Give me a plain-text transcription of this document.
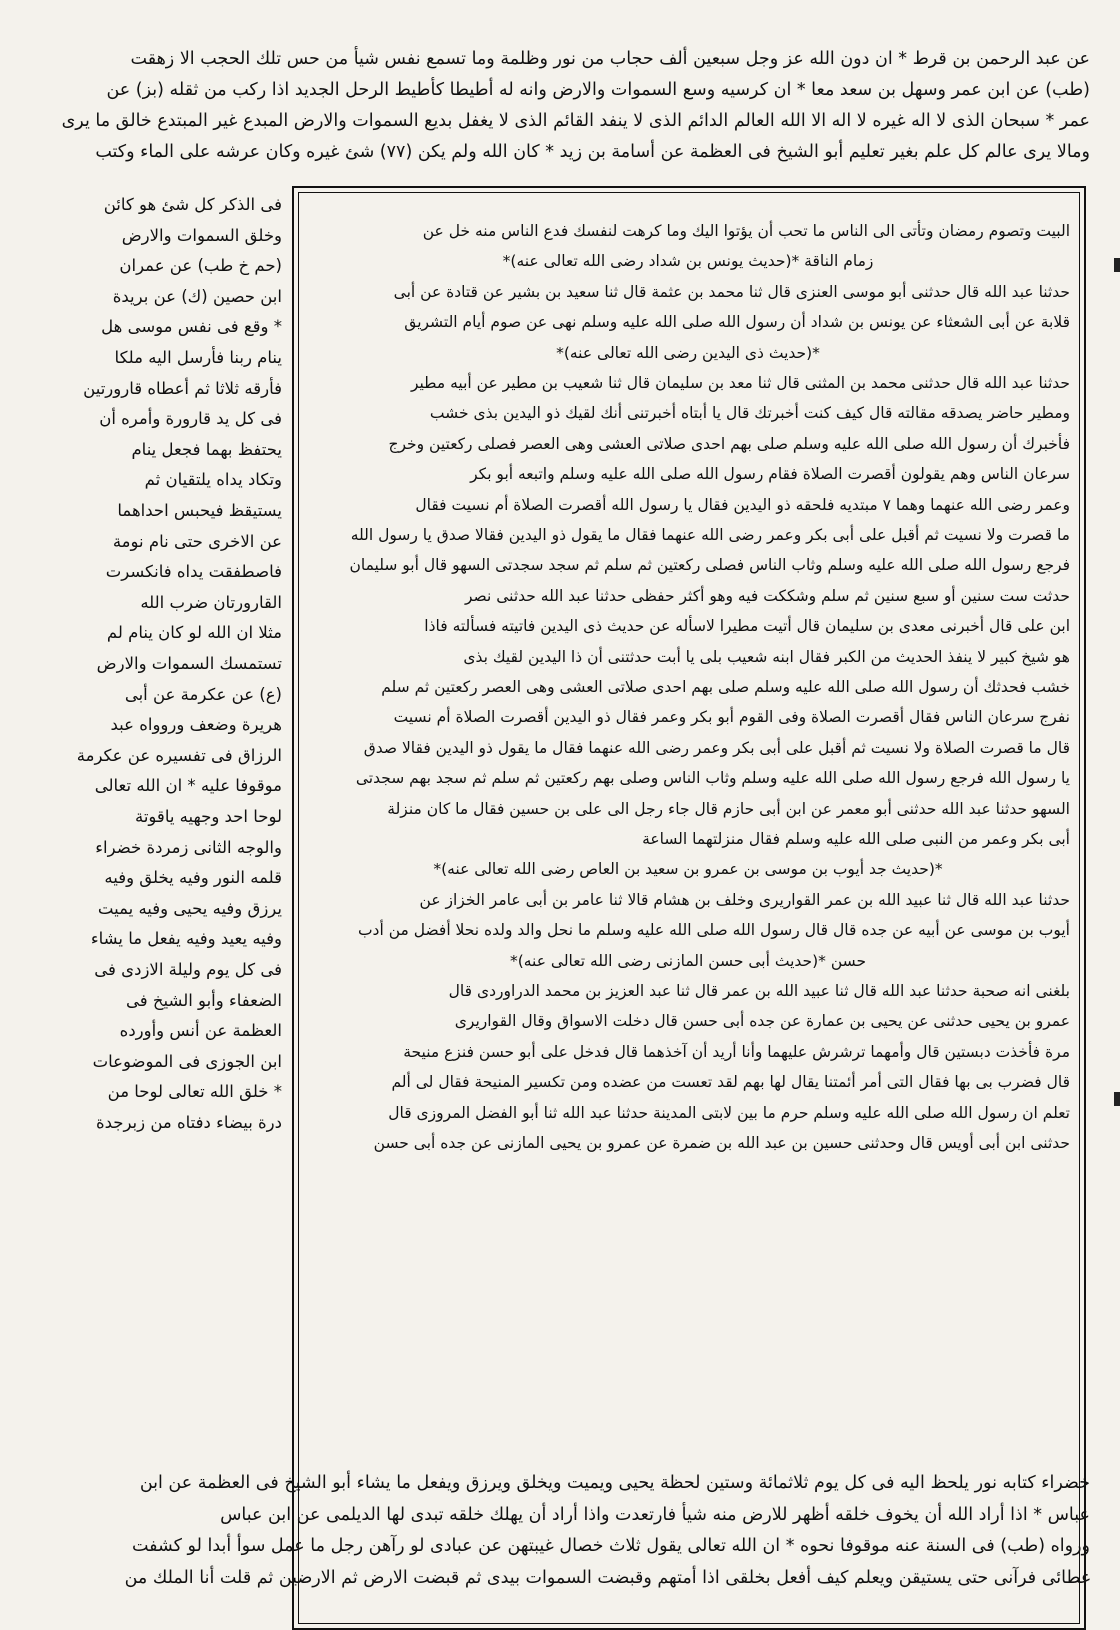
عن عبد الرحمن بن قرط * ان دون الله عز وجل سبعين ألف حجاب من نور وظلمة وما تسمع نفس شيأ من حس تلك الحجب الا زهقت
(طب) عن ابن عمر وسهل بن سعد معا * ان كرسيه وسع السموات والارض وانه له أطيطا كأطيط الرحل الجديد اذا ركب من ثقله (بز) عن
عمر * سبحان الذى لا اله غيره لا اله الا الله العالم الدائم الذى لا ينفد القائم الذى لا يغفل بديع السموات والارض المبدع غير المبتدع خالق ما يرى
ومالا يرى عالم كل علم بغير تعليم أبو الشيخ فى العظمة عن أسامة بن زيد * كان الله ولم يكن (٧٧) شئ غيره وكان عرشه على الماء وكتب
البيت وتصوم رمضان وتأتى الى الناس ما تحب أن يؤتوا اليك وما كرهت لنفسك فدع الناس منه خل عن
زمام الناقة *(حديث يونس بن شداد رضى الله تعالى عنه)*
حدثنا عبد الله قال حدثنى أبو موسى العنزى قال ثنا محمد بن عثمة قال ثنا سعيد بن بشير عن قتادة عن أبى
قلابة عن أبى الشعثاء عن يونس بن شداد أن رسول الله صلى الله عليه وسلم نهى عن صوم أيام التشريق
*(حديث ذى اليدين رضى الله تعالى عنه)*
حدثنا عبد الله قال حدثنى محمد بن المثنى قال ثنا معد بن سليمان قال ثنا شعيب بن مطير عن أبيه مطير
ومطير حاضر يصدقه مقالته قال كيف كنت أخبرتك قال يا أبتاه أخبرتنى أنك لقيك ذو اليدين بذى خشب
فأخبرك أن رسول الله صلى الله عليه وسلم صلى بهم احدى صلاتى العشى وهى العصر فصلى ركعتين وخرج
سرعان الناس وهم يقولون أقصرت الصلاة فقام رسول الله صلى الله عليه وسلم واتبعه أبو بكر
وعمر رضى الله عنهما وهما ٧ مبتديه فلحقه ذو اليدين فقال يا رسول الله أقصرت الصلاة أم نسيت فقال
ما قصرت ولا نسيت ثم أقبل على أبى بكر وعمر رضى الله عنهما فقال ما يقول ذو اليدين فقالا صدق يا رسول الله
فرجع رسول الله صلى الله عليه وسلم وثاب الناس فصلى ركعتين ثم سلم ثم سجد سجدتى السهو قال أبو سليمان
حدثت ست سنين أو سبع سنين ثم سلم وشككت فيه وهو أكثر حفظى حدثنا عبد الله حدثنى نصر
ابن على قال أخبرنى معدى بن سليمان قال أتيت مطيرا لاسأله عن حديث ذى اليدين فاتيته فسألته فاذا
هو شيخ كبير لا ينفذ الحديث من الكبر فقال ابنه شعيب بلى يا أبت حدثتنى أن ذا اليدين لقيك بذى
خشب فحدثك أن رسول الله صلى الله عليه وسلم صلى بهم احدى صلاتى العشى وهى العصر ركعتين ثم سلم
نفرج سرعان الناس فقال أقصرت الصلاة وفى القوم أبو بكر وعمر فقال ذو اليدين أقصرت الصلاة أم نسيت
قال ما قصرت الصلاة ولا نسيت ثم أقبل على أبى بكر وعمر رضى الله عنهما فقال ما يقول ذو اليدين فقالا صدق
يا رسول الله فرجع رسول الله صلى الله عليه وسلم وثاب الناس وصلى بهم ركعتين ثم سلم ثم سجد بهم سجدتى
السهو حدثنا عبد الله حدثنى أبو معمر عن ابن أبى حازم قال جاء رجل الى على بن حسين فقال ما كان منزلة
أبى بكر وعمر من النبى صلى الله عليه وسلم فقال منزلتهما الساعة
*(حديث جد أيوب بن موسى بن عمرو بن سعيد بن العاص رضى الله تعالى عنه)*
حدثنا عبد الله قال ثنا عبيد الله بن عمر القواريرى وخلف بن هشام قالا ثنا عامر بن أبى عامر الخزاز عن
أيوب بن موسى عن أبيه عن جده قال قال رسول الله صلى الله عليه وسلم ما نحل والد ولده نحلا أفضل من أدب
حسن *(حديث أبى حسن المازنى رضى الله تعالى عنه)*
بلغنى انه صحبة حدثنا عبد الله قال ثنا عبيد الله بن عمر قال ثنا عبد العزيز بن محمد الدراوردى قال
عمرو بن يحيى حدثنى عن يحيى بن عمارة عن جده أبى حسن قال دخلت الاسواق وقال القواريرى
مرة فأخذت دبستين قال وأمهما ترشرش عليهما وأنا أريد أن آخذهما قال فدخل على أبو حسن فنزع منيحة
قال فضرب بى بها فقال التى أمر أئمتنا يقال لها بهم لقد تعست من عضده ومن تكسير المنيحة فقال لى ألم
تعلم ان رسول الله صلى الله عليه وسلم حرم ما بين لابتى المدينة حدثنا عبد الله ثنا أبو الفضل المروزى قال
حدثنى ابن أبى أويس قال وحدثنى حسين بن عبد الله بن ضمرة عن عمرو بن يحيى المازنى عن جده أبى حسن
فى الذكر كل شئ هو كائن
وخلق السموات والارض
(حم خ طب) عن عمران
ابن حصين (ك) عن بريدة
* وقع فى نفس موسى هل
ينام ربنا فأرسل اليه ملكا
فأرقه ثلاثا ثم أعطاه قارورتين
فى كل يد قارورة وأمره أن
يحتفظ بهما فجعل ينام
وتكاد يداه يلتقيان ثم
يستيقظ فيحبس احداهما
عن الاخرى حتى نام نومة
فاصطفقت يداه فانكسرت
القارورتان ضرب الله
مثلا ان الله لو كان ينام لم
تستمسك السموات والارض
(ع) عن عكرمة عن أبى
هريرة وضعف وروواه عبد
الرزاق فى تفسيره عن عكرمة
موقوفا عليه * ان الله تعالى
لوحا احد وجهيه ياقوتة
والوجه الثانى زمردة خضراء
قلمه النور وفيه يخلق وفيه
يرزق وفيه يحيى وفيه يميت
وفيه يعيد وفيه يفعل ما يشاء
فى كل يوم وليلة الازدى فى
الضعفاء وأبو الشيخ فى
العظمة عن أنس وأورده
ابن الجوزى فى الموضوعات
* خلق الله تعالى لوحا من
درة بيضاء دفتاه من زبرجدة
خضراء كتابه نور يلحظ اليه فى كل يوم ثلاثمائة وستين لحظة يحيى ويميت ويخلق ويرزق ويفعل ما يشاء أبو الشيخ فى العظمة عن ابن
عباس * اذا أراد الله أن يخوف خلقه أظهر للارض منه شيأ فارتعدت واذا أراد أن يهلك خلقه تبدى لها الديلمى عن ابن عباس
ورواه (طب) فى السنة عنه موقوفا نحوه * ان الله تعالى يقول ثلاث خصال غيبتهن عن عبادى لو رآهن رجل ما عمل سوأ أبدا لو كشفت
غطائى فرآنى حتى يستيقن ويعلم كيف أفعل بخلقى اذا أمتهم وقبضت السموات بيدى ثم قبضت الارض ثم الارضين ثم قلت أنا الملك من
